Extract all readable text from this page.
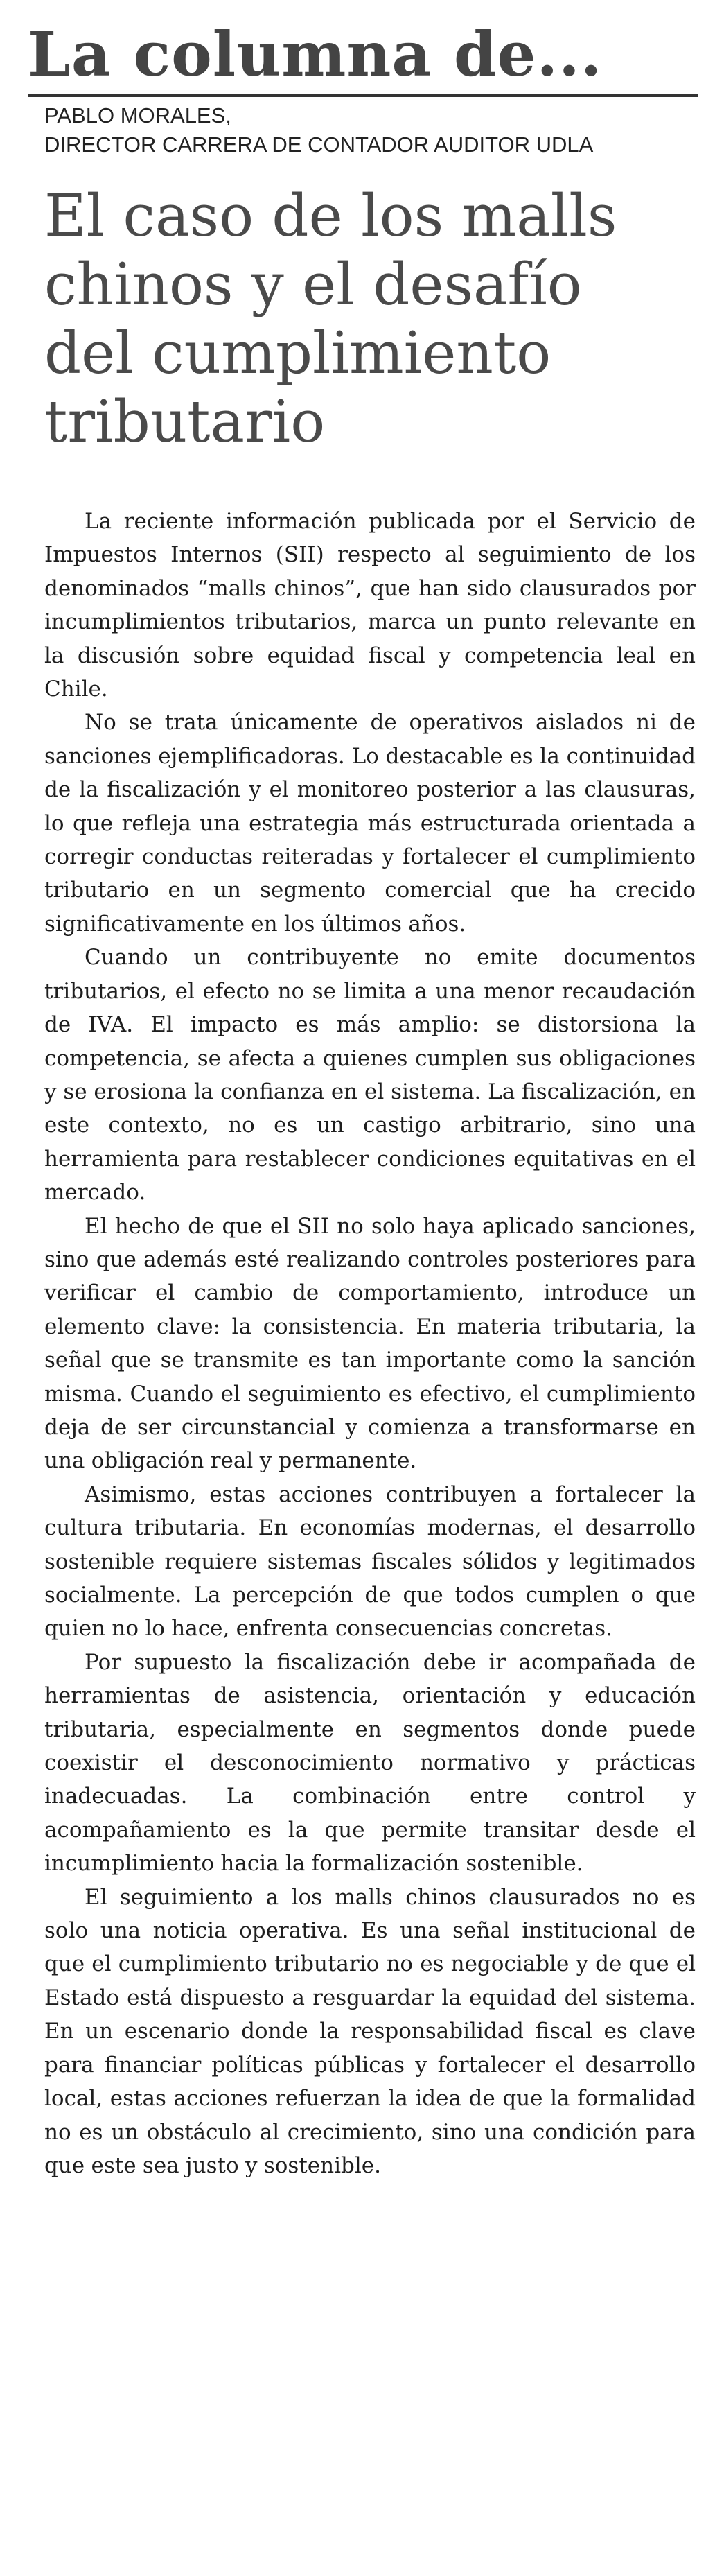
La columna de...
PABLO MORALES,
DIRECTOR CARRERA DE CONTADOR AUDITOR UDLA
El caso de los malls
chinos y el desafío
del cumplimiento
tributario

La reciente información publicada por el Servicio de Impuestos Internos (SII) respecto al seguimiento de los denominados “malls chinos”, que han sido clausurados por incumplimientos tributarios, marca un punto relevante en la discusión sobre equidad fiscal y competencia leal en Chile.

No se trata únicamente de operativos aislados ni de sanciones ejemplificadoras. Lo destacable es la continuidad de la fiscalización y el monitoreo posterior a las clausuras, lo que refleja una estrategia más estructurada orientada a corregir conductas reiteradas y fortalecer el cumplimiento tributario en un segmento comercial que ha crecido significativamente en los últimos años.

Cuando un contribuyente no emite documentos tributarios, el efecto no se limita a una menor recaudación de IVA. El impacto es más amplio: se distorsiona la competencia, se afecta a quienes cumplen sus obligaciones y se erosiona la confianza en el sistema. La fiscalización, en este contexto, no es un castigo arbitrario, sino una herramienta para restablecer condiciones equitativas en el mercado.

El hecho de que el SII no solo haya aplicado sanciones, sino que además esté realizando controles posteriores para verificar el cambio de comportamiento, introduce un elemento clave: la consistencia. En materia tributaria, la señal que se transmite es tan importante como la sanción misma. Cuando el seguimiento es efectivo, el cumplimiento deja de ser circunstancial y comienza a transformarse en una obligación real y permanente.

Asimismo, estas acciones contribuyen a fortalecer la cultura tributaria. En economías modernas, el desarrollo sostenible requiere sistemas fiscales sólidos y legitimados socialmente. La percepción de que todos cumplen o que quien no lo hace, enfrenta consecuencias concretas.

Por supuesto la fiscalización debe ir acompañada de herramientas de asistencia, orientación y educación tributaria, especialmente en segmentos donde puede coexistir el desconocimiento normativo y prácticas inadecuadas. La combinación entre control y acompañamiento es la que permite transitar desde el incumplimiento hacia la formalización sostenible.

El seguimiento a los malls chinos clausurados no es solo una noticia operativa. Es una señal institucional de que el cumplimiento tributario no es negociable y de que el Estado está dispuesto a resguardar la equidad del sistema. En un escenario donde la responsabilidad fiscal es clave para financiar políticas públicas y fortalecer el desarrollo local, estas acciones refuerzan la idea de que la formalidad no es un obstáculo al crecimiento, sino una condición para que este sea justo y sostenible.
